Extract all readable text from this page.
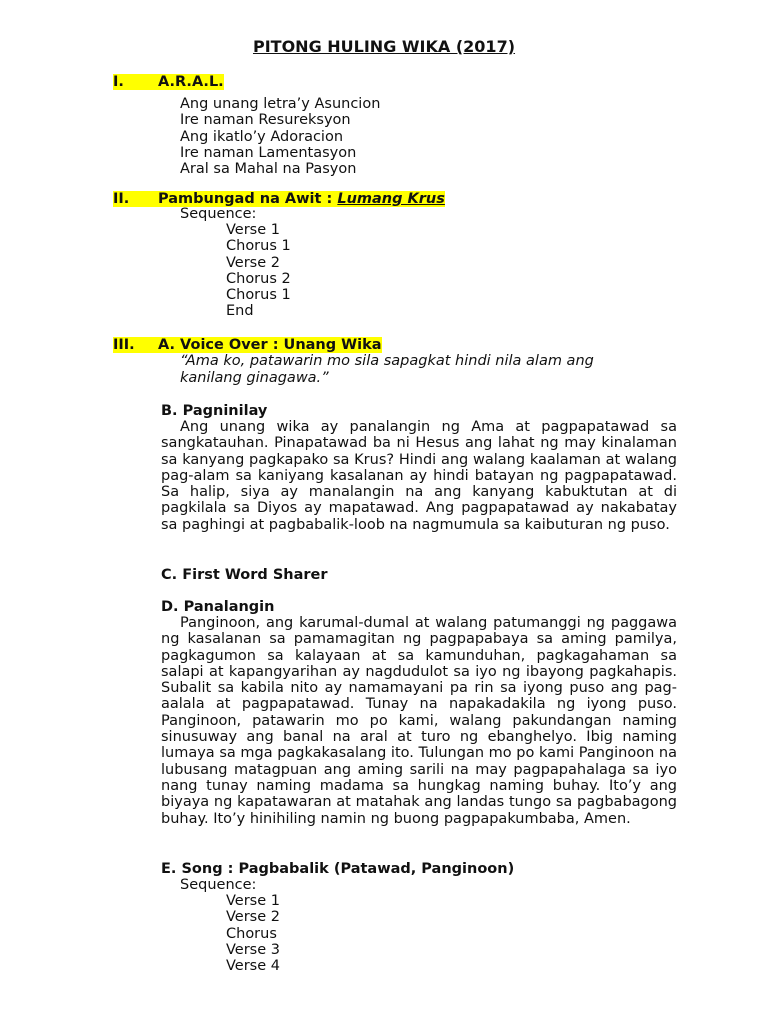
PITONG HULING WIKA (2017)
I. A.R.A.L.
Ang unang letra’y Asuncion
Ire naman Resureksyon
Ang ikatlo’y Adoracion
Ire naman Lamentasyon
Aral sa Mahal na Pasyon
II. Pambungad na Awit : Lumang Krus
Sequence:
Verse 1
Chorus 1
Verse 2
Chorus 2
Chorus 1
End
III. A. Voice Over : Unang Wika
“Ama ko, patawarin mo sila sapagkat hindi nila alam ang
kanilang ginagawa.”
B. Pagninilay
Ang unang wika ay panalangin ng Ama at pagpapatawad sa sangkatauhan. Pinapatawad ba ni Hesus ang lahat ng may kinalaman sa kanyang pagkapako sa Krus? Hindi ang walang kaalaman at walang pag-alam sa kaniyang kasalanan ay hindi batayan ng pagpapatawad. Sa halip, siya ay manalangin na ang kanyang kabuktutan at di pagkilala sa Diyos ay mapatawad. Ang pagpapatawad ay nakabatay sa paghingi at pagbabalik-loob na nagmumula sa kaibuturan ng puso.
C. First Word Sharer
D. Panalangin
Panginoon, ang karumal-dumal at walang patumanggi ng paggawa ng kasalanan sa pamamagitan ng pagpapabaya sa aming pamilya, pagkagumon sa kalayaan at sa kamunduhan, pagkagahaman sa salapi at kapangyarihan ay nagdudulot sa iyo ng ibayong pagkahapis. Subalit sa kabila nito ay namamayani pa rin sa iyong puso ang pag-aalala at pagpapatawad. Tunay na napakadakila ng iyong puso. Panginoon, patawarin mo po kami, walang pakundangan naming sinusuway ang banal na aral at turo ng ebanghelyo. Ibig naming lumaya sa mga pagkakasalang ito. Tulungan mo po kami Panginoon na lubusang matagpuan ang aming sarili na may pagpapahalaga sa iyo nang tunay naming madama sa hungkag naming buhay. Ito’y ang biyaya ng kapatawaran at matahak ang landas tungo sa pagbabagong buhay. Ito’y hinihiling namin ng buong pagpapakumbaba, Amen.
E. Song : Pagbabalik (Patawad, Panginoon)
Sequence:
Verse 1
Verse 2
Chorus
Verse 3
Verse 4
